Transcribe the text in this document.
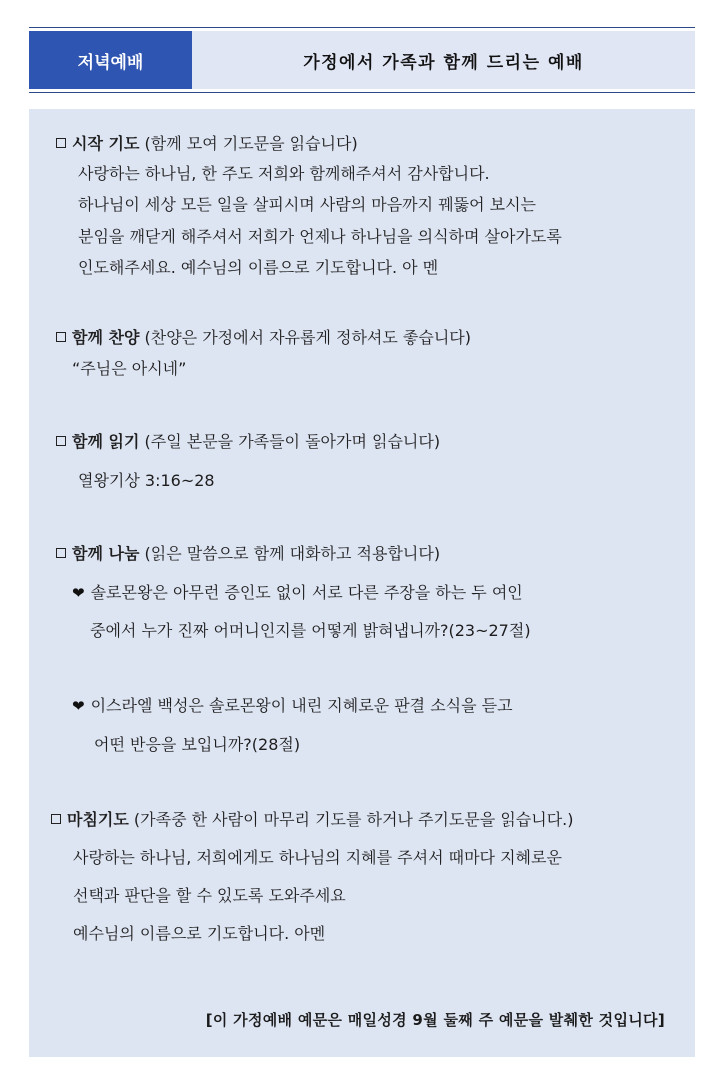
저녁예배	가정에서 가족과 함께 드리는 예배
시작 기도 (함께 모여 기도문을 읽습니다)
사랑하는 하나님, 한 주도 저희와 함께해주셔서 감사합니다.
하나님이 세상 모든 일을 살피시며 사람의 마음까지 꿰뚫어 보시는
분임을 깨닫게 해주셔서 저희가 언제나 하나님을 의식하며 살아가도록
인도해주세요. 예수님의 이름으로 기도합니다. 아 멘
함께 찬양 (찬양은 가정에서 자유롭게 정하셔도 좋습니다)
“주님은 아시네”
함께 읽기 (주일 본문을 가족들이 돌아가며 읽습니다)
열왕기상 3:16~28
함께 나눔 (읽은 말씀으로 함께 대화하고 적용합니다)
❤ 솔로몬왕은 아무런 증인도 없이 서로 다른 주장을 하는 두 여인
중에서 누가 진짜 어머니인지를 어떻게 밝혀냅니까?(23~27절)
❤ 이스라엘 백성은 솔로몬왕이 내린 지혜로운 판결 소식을 듣고
어떤 반응을 보입니까?(28절)
마침기도 (가족중 한 사람이 마무리 기도를 하거나 주기도문을 읽습니다.)
사랑하는 하나님, 저희에게도 하나님의 지혜를 주셔서 때마다 지혜로운
선택과 판단을 할 수 있도록 도와주세요
예수님의 이름으로 기도합니다. 아멘
[이 가정예배 예문은 매일성경 9월 둘째 주 예문을 발췌한 것입니다]
